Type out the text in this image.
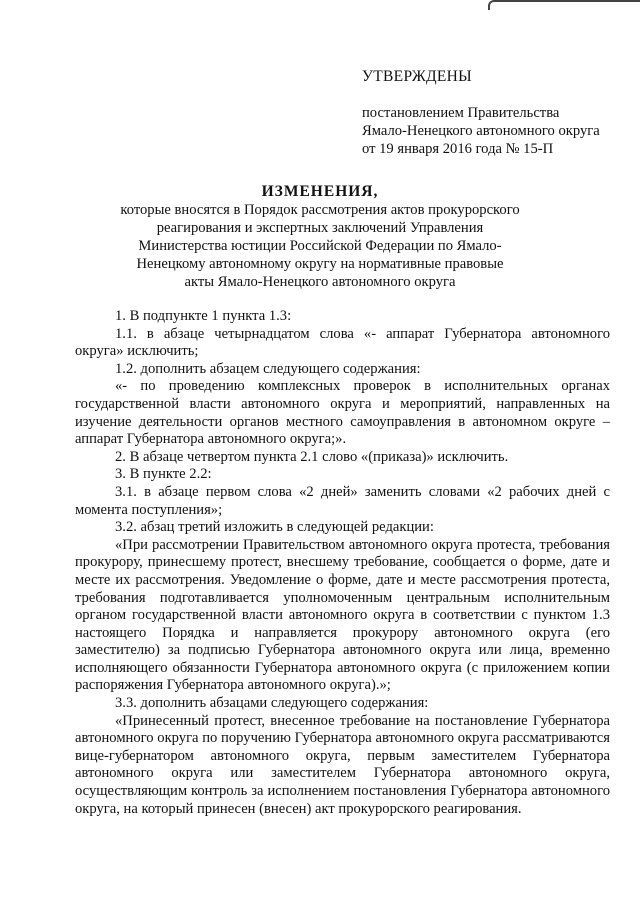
УТВЕРЖДЕНЫ
постановлением Правительства
Ямало-Ненецкого автономного округа
от 19 января 2016 года № 15-П
ИЗМЕНЕНИЯ,
которые вносятся в Порядок рассмотрения актов прокурорского реагирования и экспертных заключений Управления Министерства юстиции Российской Федерации по Ямало-Ненецкому автономному округу на нормативные правовые акты Ямало-Ненецкого автономного округа

1. В подпункте 1 пункта 1.3:

1.1. в абзаце четырнадцатом слова «- аппарат Губернатора автономного округа» исключить;

1.2. дополнить абзацем следующего содержания:

«- по проведению комплексных проверок в исполнительных органах государственной власти автономного округа и мероприятий, направленных на изучение деятельности органов местного самоуправления в автономном округе – аппарат Губернатора автономного округа;».

2. В абзаце четвертом пункта 2.1 слово «(приказа)» исключить.

3. В пункте 2.2:

3.1. в абзаце первом слова «2 дней» заменить словами «2 рабочих дней с момента поступления»;

3.2. абзац третий изложить в следующей редакции:

«При рассмотрении Правительством автономного округа протеста, требования прокурору, принесшему протест, внесшему требование, сообщается о форме, дате и месте их рассмотрения. Уведомление о форме, дате и месте рассмотрения протеста, требования подготавливается уполномоченным центральным исполнительным органом государственной власти автономного округа в соответствии с пунктом 1.3 настоящего Порядка и направляется прокурору автономного округа (его заместителю) за подписью Губернатора автономного округа или лица, временно исполняющего обязанности Губернатора автономного округа (с приложением копии распоряжения Губернатора автономного округа).»;

3.3. дополнить абзацами следующего содержания:

«Принесенный протест, внесенное требование на постановление Губернатора автономного округа по поручению Губернатора автономного округа рассматриваются вице-губернатором автономного округа, первым заместителем Губернатора автономного округа или заместителем Губернатора автономного округа, осуществляющим контроль за исполнением постановления Губернатора автономного округа, на который принесен (внесен) акт прокурорского реагирования.
